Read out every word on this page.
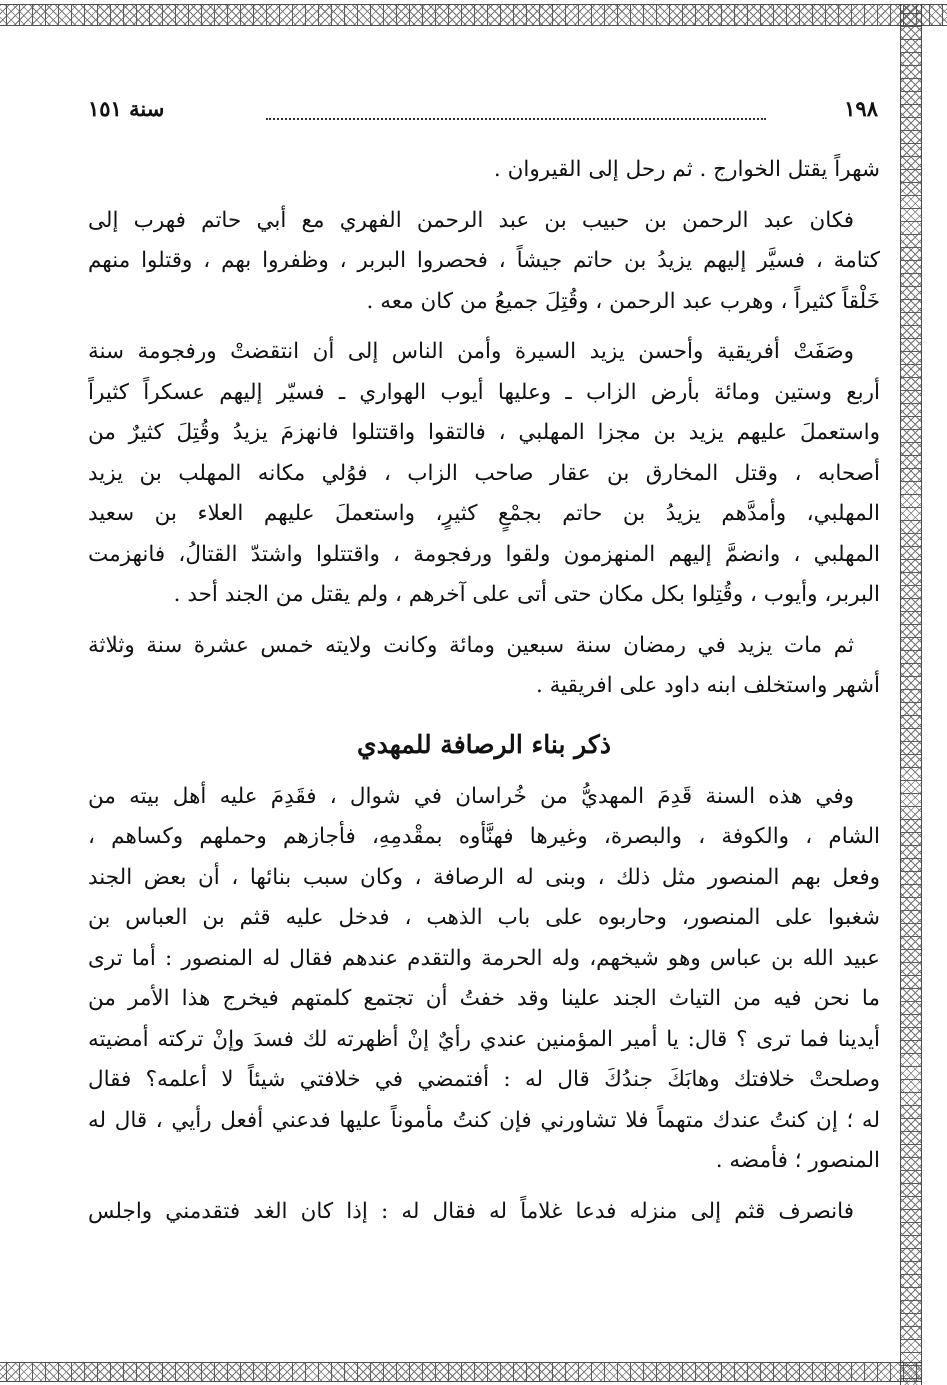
١٩٨
سنة ١٥١
شهراً يقتل الخوارج . ثم رحل إلى القيروان .
فكان عبد الرحمن بن حبيب بن عبد الرحمن الفهري مع أبي حاتم فهرب إلى
كتامة ، فسيَّر إليهم يزيدُ بن حاتم جيشاً ، فحصروا البربر ، وظفروا بهم ، وقتلوا منهم
خَلْقاً كثيراً ، وهرب عبد الرحمن ، وقُتِلَ جميعُ من كان معه .
وصَفَتْ أفريقية وأحسن يزيد السيرة وأمن الناس إلى أن انتقضتْ ورفجومة سنة
أربع وستين ومائة بأرض الزاب ـ وعليها أيوب الهواري ـ فسيّر إليهم عسكراً كثيراً
واستعملَ عليهم يزيد بن مجزا المهلبي ، فالتقوا واقتتلوا فانهزمَ يزيدُ وقُتِلَ كثيرٌ من
أصحابه ، وقتل المخارق بن عقار صاحب الزاب ، فوُلي مكانه المهلب بن يزيد
المهلبي، وأمدَّهم يزيدُ بن حاتم بجمْعٍ كثيرٍ، واستعملَ عليهم العلاء بن سعيد
المهلبي ، وانضمَّ إليهم المنهزمون ولقوا ورفجومة ، واقتتلوا واشتدّ القتالُ، فانهزمت
البربر، وأيوب ، وقُتِلوا بكل مكان حتى أتى على آخرهم ، ولم يقتل من الجند أحد .
ثم مات يزيد في رمضان سنة سبعين ومائة وكانت ولايته خمس عشرة سنة وثلاثة
أشهر واستخلف ابنه داود على افريقية .
ذكر بناء الرصافة للمهدي
وفي هذه السنة قَدِمَ المهديُّ من خُراسان في شوال ، فقَدِمَ عليه أهل بيته من
الشام ، والكوفة ، والبصرة، وغيرها فهنَّأوه بمقْدمِهِ، فأجازهم وحملهم وكساهم ،
وفعل بهم المنصور مثل ذلك ، وبنى له الرصافة ، وكان سبب بنائها ، أن بعض الجند
شغبوا على المنصور، وحاربوه على باب الذهب ، فدخل عليه قثم بن العباس بن
عبيد الله بن عباس وهو شيخهم، وله الحرمة والتقدم عندهم فقال له المنصور : أما ترى
ما نحن فيه من التياث الجند علينا وقد خفتُ أن تجتمع كلمتهم فيخرج هذا الأمر من
أيدينا فما ترى ؟ قال: يا أمير المؤمنين عندي رأيٌ إنْ أظهرته لك فسدَ وإنْ تركته أمضيته
وصلحتْ خلافتك وهابَكَ جندُكَ قال له : أفتمضي في خلافتي شيئاً لا أعلمه؟ فقال
له ؛ إن كنتُ عندك متهماً فلا تشاورني فإن كنتُ مأموناً عليها فدعني أفعل رأيي ، قال له
المنصور ؛ فأمضه .
فانصرف قثم إلى منزله فدعا غلاماً له فقال له : إذا كان الغد فتقدمني واجلس
